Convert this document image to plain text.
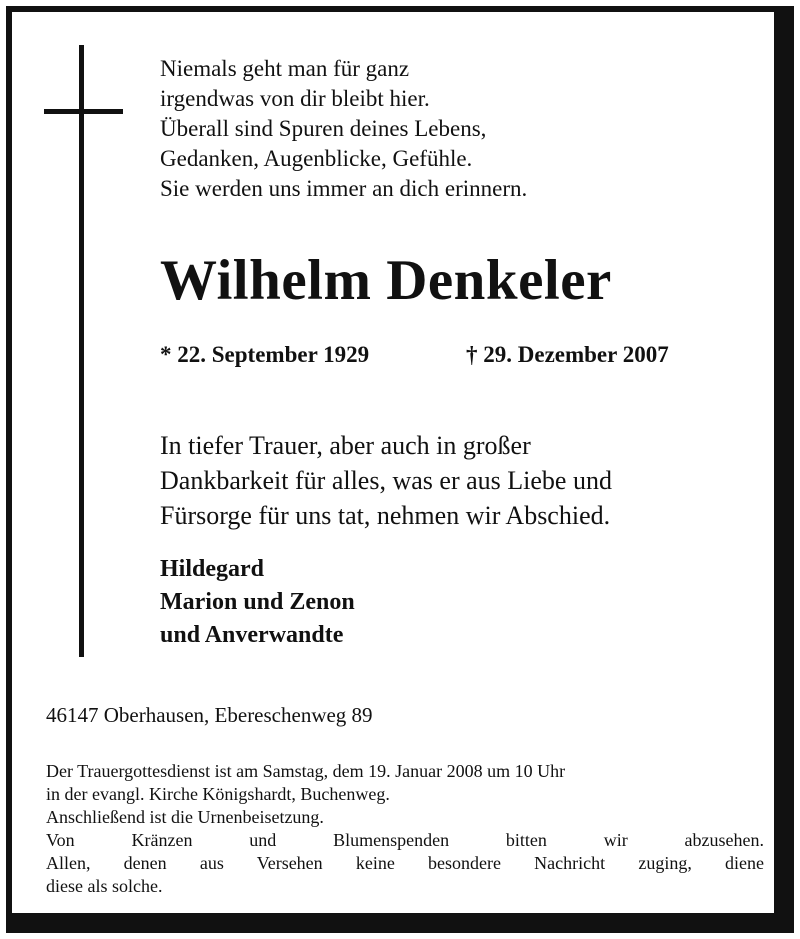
Niemals geht man für ganz
irgendwas von dir bleibt hier.
Überall sind Spuren deines Lebens,
Gedanken, Augenblicke, Gefühle.
Sie werden uns immer an dich erinnern.
Wilhelm Denkeler
* 22. September 1929	† 29. Dezember 2007
In tiefer Trauer, aber auch in großer
Dankbarkeit für alles, was er aus Liebe und
Fürsorge für uns tat, nehmen wir Abschied.
Hildegard
Marion und Zenon
und Anverwandte
46147 Oberhausen, Ebereschenweg 89
Der Trauergottesdienst ist am Samstag, dem 19. Januar 2008 um 10 Uhr
in der evangl. Kirche Königshardt, Buchenweg.
Anschließend ist die Urnenbeisetzung.
Von Kränzen und Blumenspenden bitten wir abzusehen.
Allen, denen aus Versehen keine besondere Nachricht zuging, diene
diese als solche.
